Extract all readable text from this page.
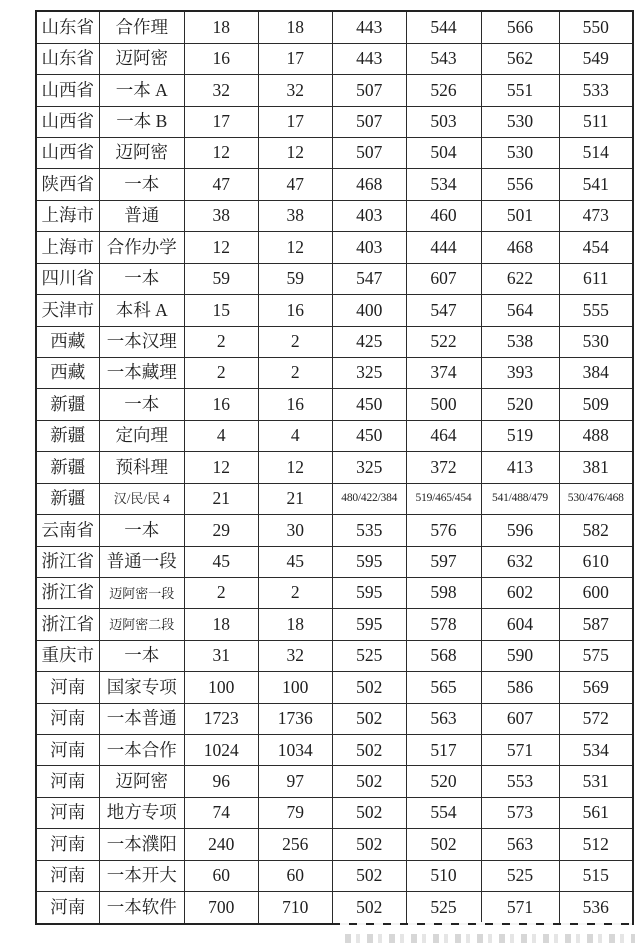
山东省	合作理	18	18	443	544	566	550
山东省	迈阿密	16	17	443	543	562	549
山西省	一本 A	32	32	507	526	551	533
山西省	一本 B	17	17	507	503	530	511
山西省	迈阿密	12	12	507	504	530	514
陕西省	一本	47	47	468	534	556	541
上海市	普通	38	38	403	460	501	473
上海市	合作办学	12	12	403	444	468	454
四川省	一本	59	59	547	607	622	611
天津市	本科 A	15	16	400	547	564	555
西藏	一本汉理	2	2	425	522	538	530
西藏	一本藏理	2	2	325	374	393	384
新疆	一本	16	16	450	500	520	509
新疆	定向理	4	4	450	464	519	488
新疆	预科理	12	12	325	372	413	381
新疆	汉/民/民 4	21	21	480/422/384	519/465/454	541/488/479	530/476/468
云南省	一本	29	30	535	576	596	582
浙江省	普通一段	45	45	595	597	632	610
浙江省	迈阿密一段	2	2	595	598	602	600
浙江省	迈阿密二段	18	18	595	578	604	587
重庆市	一本	31	32	525	568	590	575
河南	国家专项	100	100	502	565	586	569
河南	一本普通	1723	1736	502	563	607	572
河南	一本合作	1024	1034	502	517	571	534
河南	迈阿密	96	97	502	520	553	531
河南	地方专项	74	79	502	554	573	561
河南	一本濮阳	240	256	502	502	563	512
河南	一本开大	60	60	502	510	525	515
河南	一本软件	700	710	502	525	571	536
